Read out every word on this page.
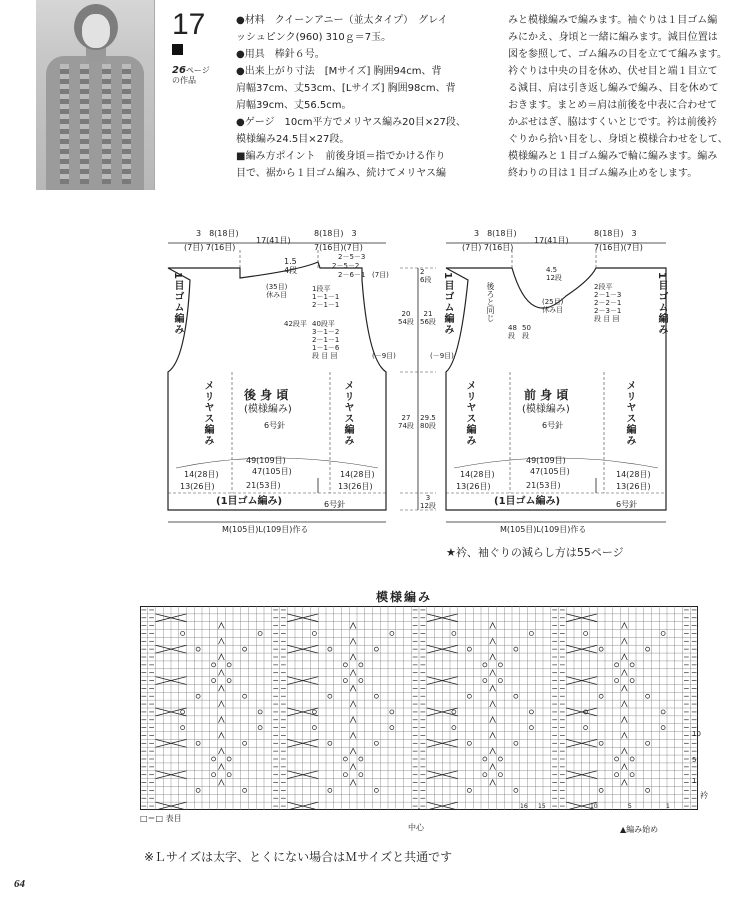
17
26ページ
の作品
●材料　クイーンアニー（並太タイプ）　グレイ
ッシュピンク(960) 310ｇ＝7玉。
●用具　棒針６号。
●出来上がり寸法　[Mサイズ] 胸囲94cm、背
肩幅37cm、丈53cm、[Lサイズ] 胸囲98cm、背
肩幅39cm、丈56.5cm。
●ゲージ　10cm平方でメリヤス編み20目×27段、
模様編み24.5目×27段。
■編み方ポイント　前後身頃＝指でかける作り
目で、裾から１目ゴム編み、続けてメリヤス編
みと模様編みで編みます。袖ぐりは１目ゴム編
みにかえ、身頃と一緒に編みます。減目位置は
図を参照して、ゴム編みの目を立てて編みます。
衿ぐりは中央の目を休め、伏せ目と端１目立て
る減目、肩は引き返し編みで編み、目を休めて
おきます。まとめ＝肩は前後を中表に合わせて
かぶせはぎ、脇はすくいとじです。衿は前後衿
ぐりから拾い目をし、身頃と模様合わせをして、
模様編みと１目ゴム編みで輪に編みます。編み
終わりの目は１目ゴム編み止めをします。
3　8(18目)
(7目) 7(16目)
17(41目)
8(18目)　3
7(16目)(7目)
1.5
4段
(35目)
休み目
2－5－3
2－5－2
2－6－1 (7目)
1段平
1－1－1
2－1－1
42段平 40段平
3－1－2
2－1－1
1－1－6
段 目 回
1目ゴム編み
メリヤス編み	メリヤス編み
後 身 頃
(模様編み)
6号針
49(109目)
47(105目)
21(53目)
14(28目)	14(28目)
13(26目)	13(26目)
(1目ゴム編み)	6号針
M(105目)L(109目)作る
2
6段 1目ゴム編み
20
54段
21
56段
(－9目)	(－9目)
27
74段
29.5
80段
3
12段
後ろと同じ
3　8(18目)
(7目) 7(16目)
17(41目)
8(18目)　3
7(16目)(7目)
4.5
12段
(25目)
休み目
2段平
2－1－3
2－2－1
2－3－1
段 目 回
48
段
50
段
1目ゴム編み
メリヤス編み	メリヤス編み
前 身 頃
(模様編み)
6号針
49(109目)
47(105目)
21(53目)
14(28目)	14(28目)
13(26目)	13(26目)
(1目ゴム編み)	6号針
M(105目)L(109目)作る
★衿、袖ぐりの減らし方は55ページ
模様編み
□＝□ 表目
中心	▲編み始め
衿
10
5
1
16 15	10	5	1
※Ｌサイズは太字、とくにない場合はＭサイズと共通です
64
